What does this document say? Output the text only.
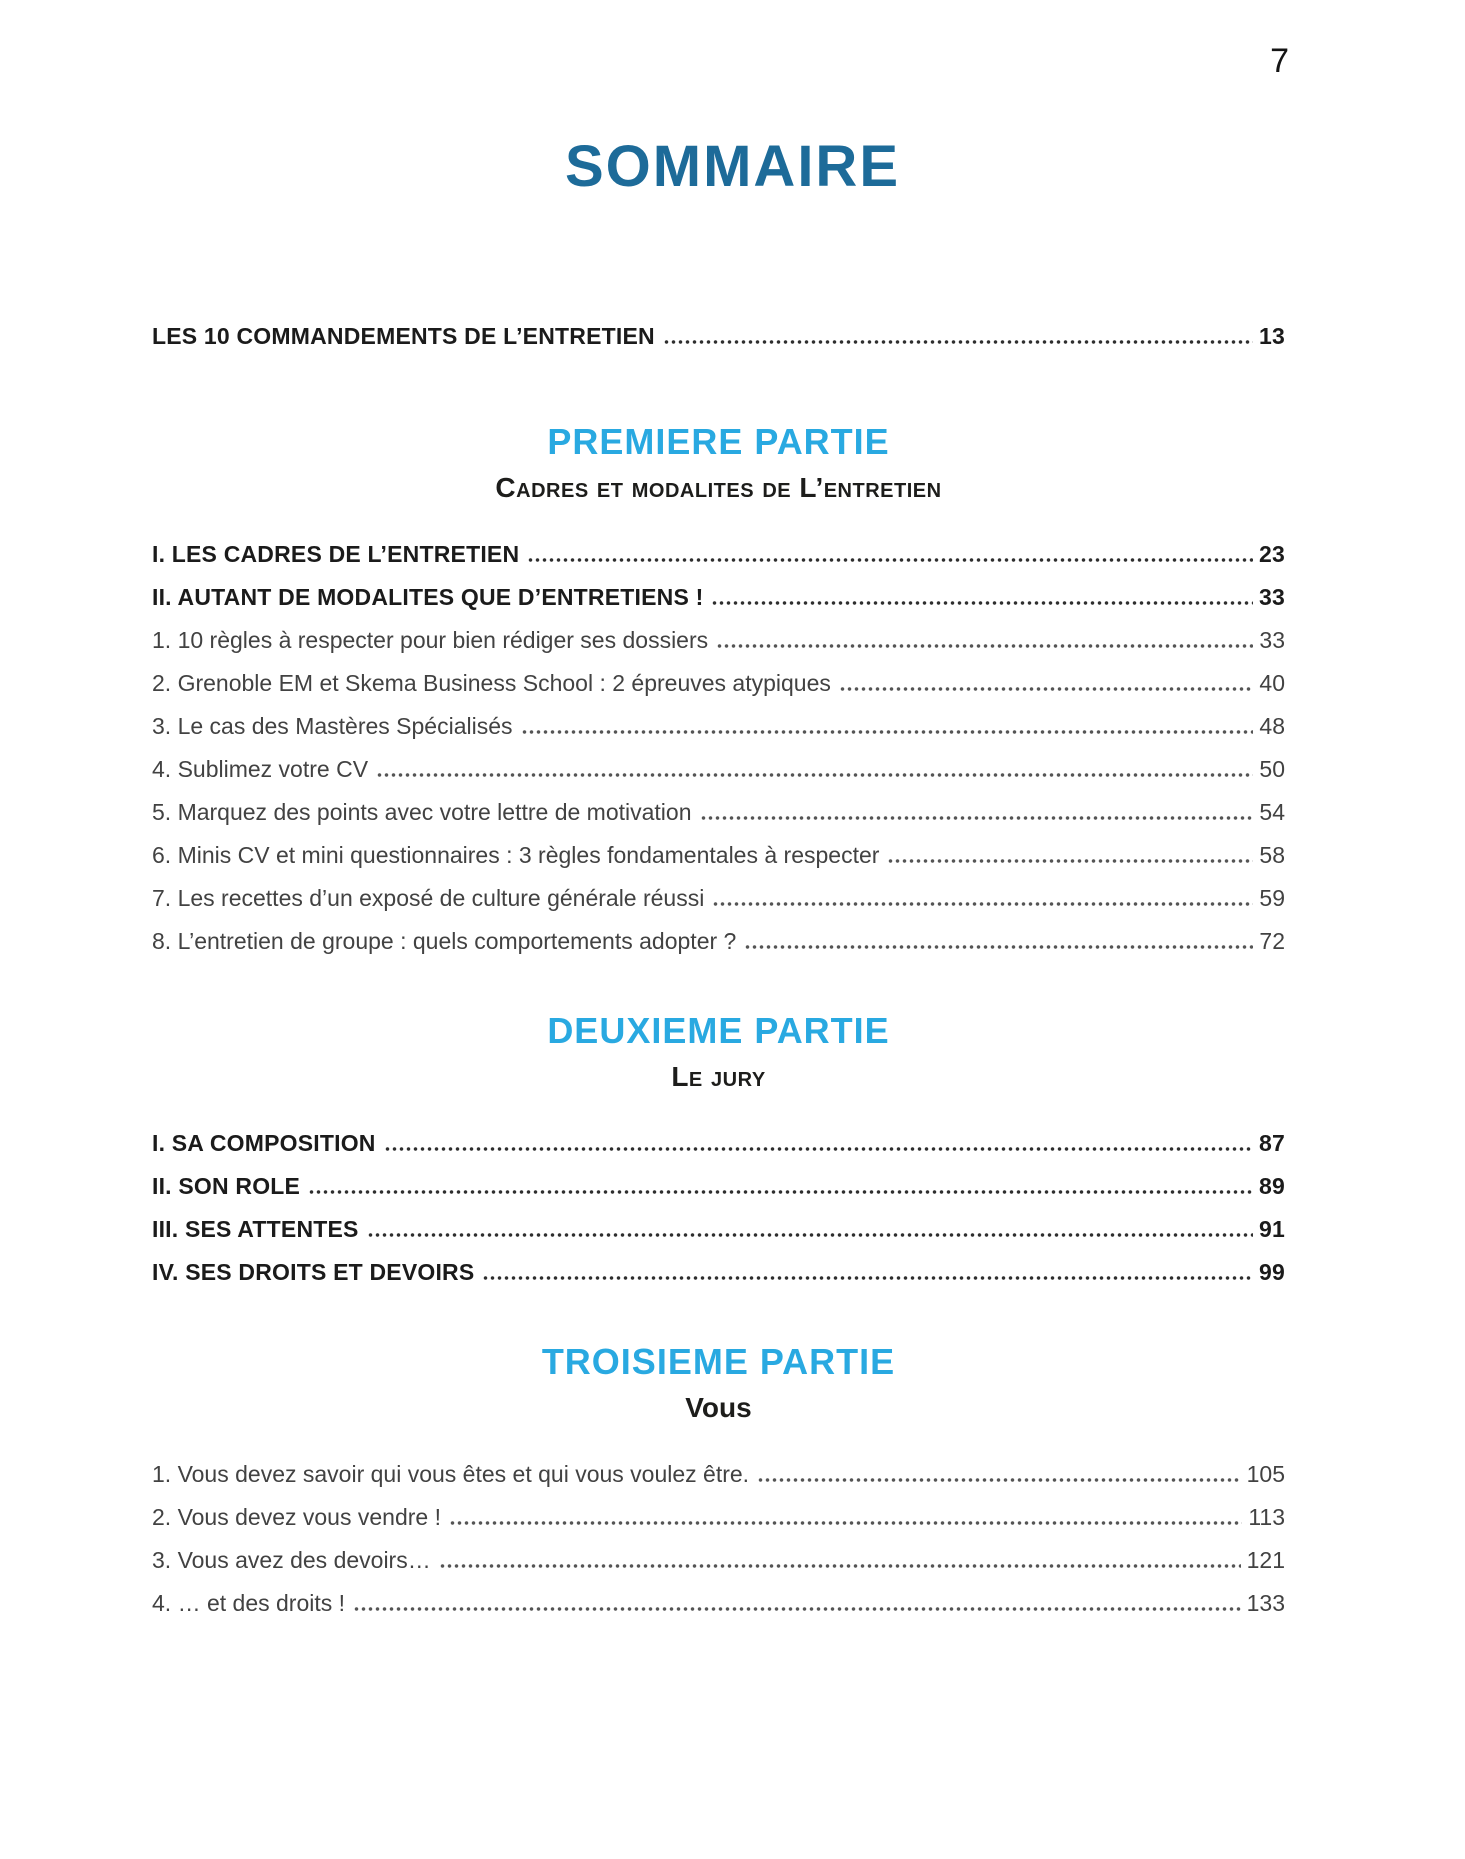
7
SOMMAIRE
LES 10 COMMANDEMENTS DE L’ENTRETIEN	13
PREMIERE PARTIE
Cadres et modalites de L’entretien
I. LES CADRES DE L’ENTRETIEN	23
II. AUTANT DE MODALITES QUE D’ENTRETIENS !	33
1. 10 règles à respecter pour bien rédiger ses dossiers	33
2. Grenoble EM et Skema Business School : 2 épreuves atypiques	40
3. Le cas des Mastères Spécialisés	48
4. Sublimez votre CV	50
5. Marquez des points avec votre lettre de motivation	54
6. Minis CV et mini questionnaires : 3 règles fondamentales à respecter	58
7. Les recettes d’un exposé de culture générale réussi	59
8. L’entretien de groupe : quels comportements adopter ?	72
DEUXIEME PARTIE
Le jury
I. SA COMPOSITION	87
II. SON ROLE	89
III. SES ATTENTES	91
IV. SES DROITS ET DEVOIRS	99
TROISIEME PARTIE
Vous
1. Vous devez savoir qui vous êtes et qui vous voulez être.	105
2. Vous devez vous vendre !	113
3. Vous avez des devoirs…	121
4. … et des droits !	133
